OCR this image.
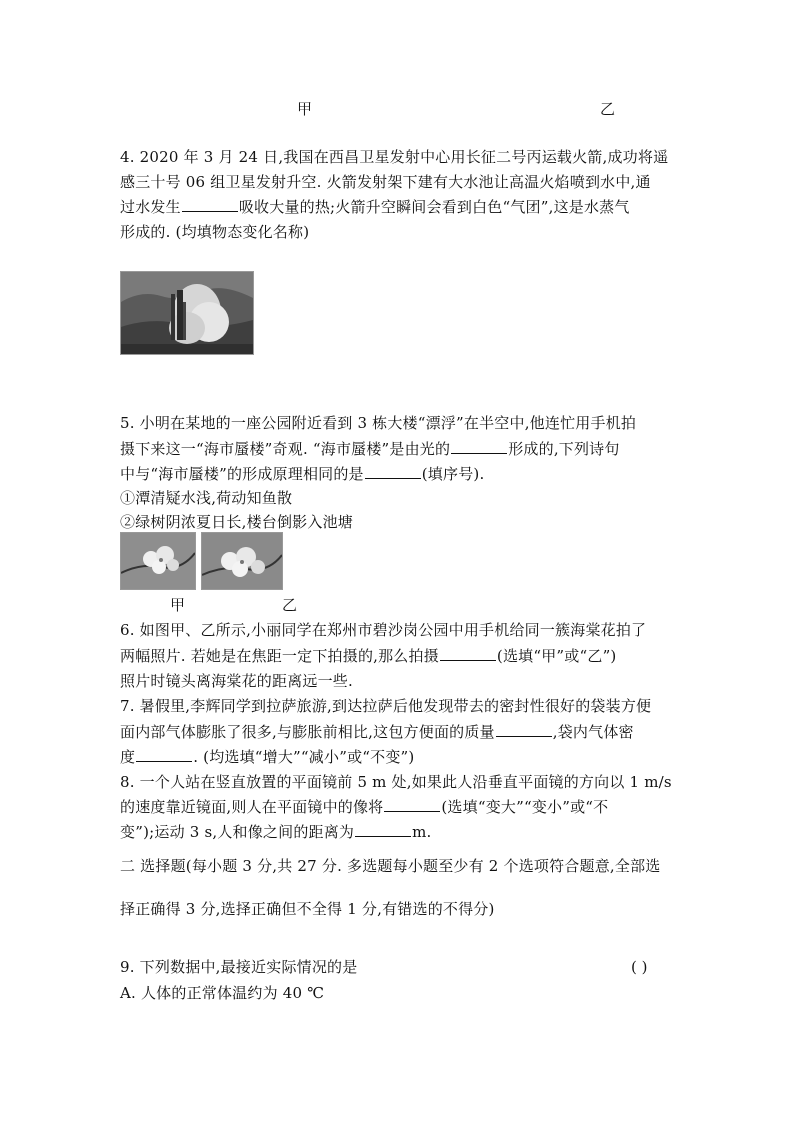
甲	乙
4. 2020 年 3 月 24 日,我国在西昌卫星发射中心用长征二号丙运载火箭,成功将遥
感三十号 06 组卫星发射升空. 火箭发射架下建有大水池让高温火焰喷到水中,通
过水发生	吸收大量的热;火箭升空瞬间会看到白色“气团”,这是水蒸气
形成的. (均填物态变化名称)
5. 小明在某地的一座公园附近看到 3 栋大楼“漂浮”在半空中,他连忙用手机拍
摄下来这一“海市蜃楼”奇观. “海市蜃楼”是由光的	形成的,下列诗句
中与“海市蜃楼”的形成原理相同的是	(填序号).
①潭清疑水浅,荷动知鱼散
②绿树阴浓夏日长,楼台倒影入池塘
甲	乙
6. 如图甲、乙所示,小丽同学在郑州市碧沙岗公园中用手机给同一簇海棠花拍了
两幅照片. 若她是在焦距一定下拍摄的,那么拍摄	(选填“甲”或“乙”)
照片时镜头离海棠花的距离远一些.
7. 暑假里,李辉同学到拉萨旅游,到达拉萨后他发现带去的密封性很好的袋装方便
面内部气体膨胀了很多,与膨胀前相比,这包方便面的质量	,袋内气体密
度	. (均选填“增大”“减小”或“不变”)
8. 一个人站在竖直放置的平面镜前 5 m 处,如果此人沿垂直平面镜的方向以 1 m/s
的速度靠近镜面,则人在平面镜中的像将	(选填“变大”“变小”或“不
变”);运动 3 s,人和像之间的距离为	m.
二 选择题(每小题 3 分,共 27 分. 多选题每小题至少有 2 个选项符合题意,全部选
择正确得 3 分,选择正确但不全得 1 分,有错选的不得分)
9. 下列数据中,最接近实际情况的是	( )
A. 人体的正常体温约为 40 ℃
